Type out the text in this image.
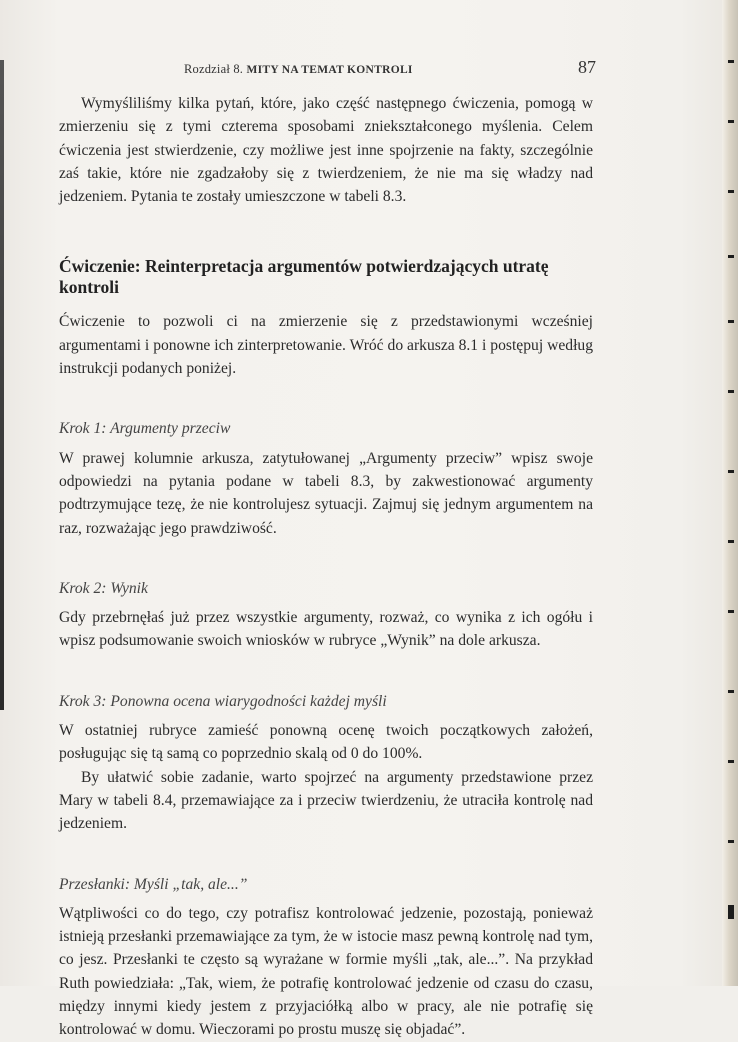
Rozdział 8. MITY NA TEMAT KONTROLI	87

Wymyśliliśmy kilka pytań, które, jako część następnego ćwiczenia, pomogą w zmierzeniu się z tymi czterema sposobami zniekształconego myślenia. Celem ćwiczenia jest stwierdzenie, czy możliwe jest inne spojrzenie na fakty, szczególnie zaś takie, które nie zgadzałoby się z twierdzeniem, że nie ma się władzy nad jedzeniem. Pytania te zostały umieszczone w tabeli 8.3.

Ćwiczenie: Reinterpretacja argumentów potwierdzających utratę kontroli

Ćwiczenie to pozwoli ci na zmierzenie się z przedstawionymi wcześniej argumentami i ponowne ich zinterpretowanie. Wróć do arkusza 8.1 i postępuj według instrukcji podanych poniżej.

Krok 1: Argumenty przeciw

W prawej kolumnie arkusza, zatytułowanej „Argumenty przeciw” wpisz swoje odpowiedzi na pytania podane w tabeli 8.3, by zakwestionować argumenty podtrzymujące tezę, że nie kontrolujesz sytuacji. Zajmuj się jednym argumentem na raz, rozważając jego prawdziwość.

Krok 2: Wynik

Gdy przebrnęłaś już przez wszystkie argumenty, rozważ, co wynika z ich ogółu i wpisz podsumowanie swoich wniosków w rubryce „Wynik” na dole arkusza.

Krok 3: Ponowna ocena wiarygodności każdej myśli

W ostatniej rubryce zamieść ponowną ocenę twoich początkowych założeń, posługując się tą samą co poprzednio skalą od 0 do 100%.

By ułatwić sobie zadanie, warto spojrzeć na argumenty przedstawione przez Mary w tabeli 8.4, przemawiające za i przeciw twierdzeniu, że utraciła kontrolę nad jedzeniem.

Przesłanki: Myśli „tak, ale...”

Wątpliwości co do tego, czy potrafisz kontrolować jedzenie, pozostają, ponieważ istnieją przesłanki przemawiające za tym, że w istocie masz pewną kontrolę nad tym, co jesz. Przesłanki te często są wyrażane w formie myśli „tak, ale...”. Na przykład Ruth powiedziała: „Tak, wiem, że potrafię kontrolować jedzenie od czasu do czasu, między innymi kiedy jestem z przyjaciółką albo w pracy, ale nie potrafię się kontrolować w domu. Wieczorami po prostu muszę się objadać”.
